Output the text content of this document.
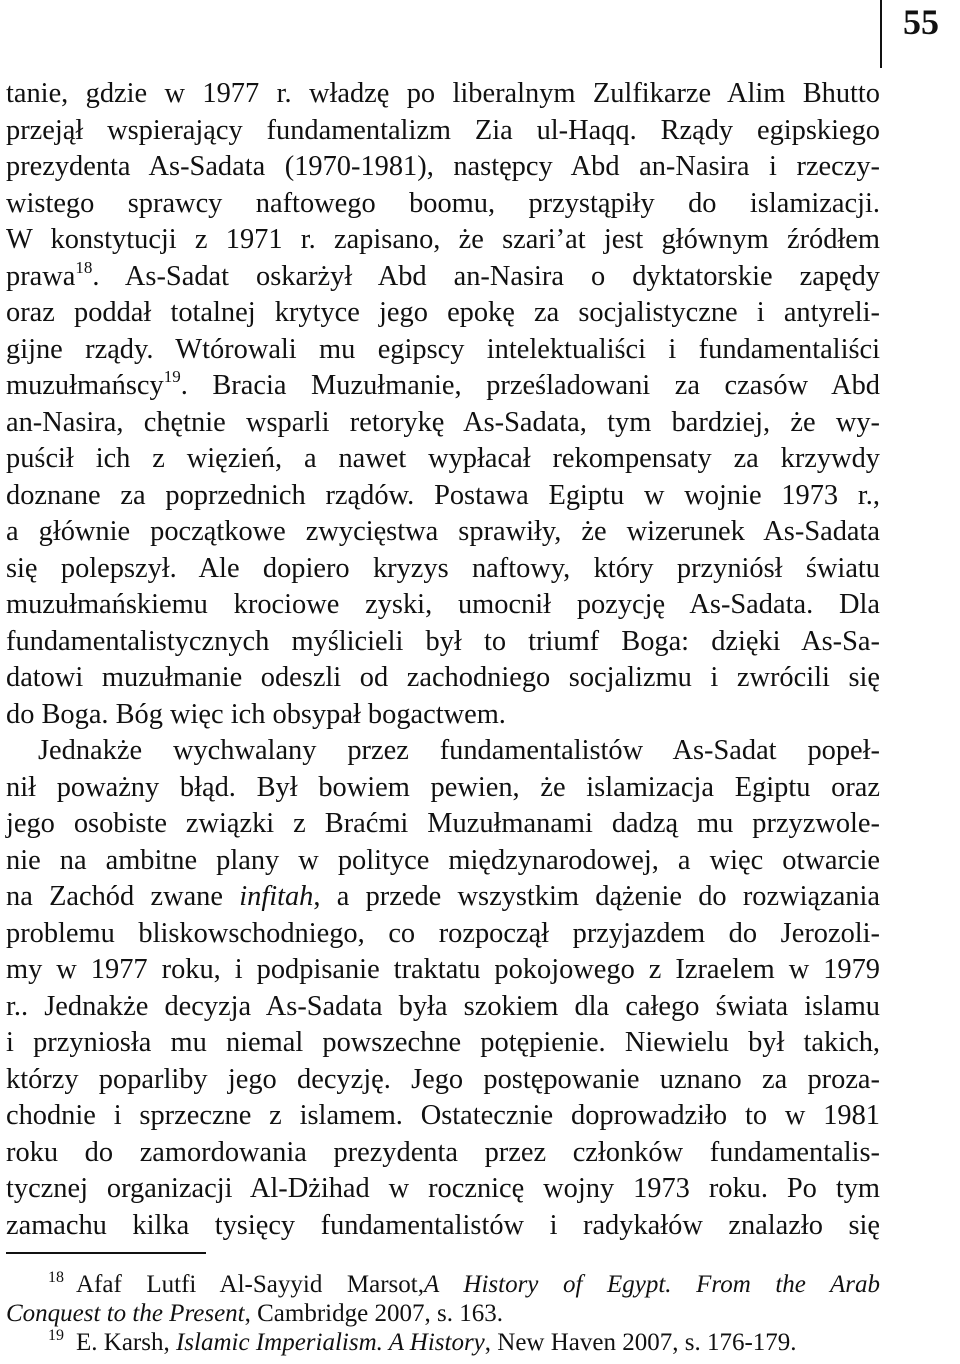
55
tanie, gdzie w 1977 r. władzę po liberalnym Zulfikarze Alim Bhutto
przejął wspierający fundamentalizm Zia ul-Haqq. Rządy egipskiego
prezydenta As-Sadata (1970-1981), następcy Abd an-Nasira i rzeczy-
wistego sprawcy naftowego boomu, przystąpiły do islamizacji.
W konstytucji z 1971 r. zapisano, że szari’at jest głównym źródłem
prawa$^{18}$. As-Sadat oskarżył Abd an-Nasira o dyktatorskie zapędy
oraz poddał totalnej krytyce jego epokę za socjalistyczne i antyreli-
gijne rządy. Wtórowali mu egipscy intelektualiści i fundamentaliści
muzułmańscy$^{19}$. Bracia Muzułmanie, prześladowani za czasów Abd
an-Nasira, chętnie wsparli retorykę As-Sadata, tym bardziej, że wy-
puścił ich z więzień, a nawet wypłacał rekompensaty za krzywdy
doznane za poprzednich rządów. Postawa Egiptu w wojnie 1973 r.,
a głównie początkowe zwycięstwa sprawiły, że wizerunek As-Sadata
się polepszył. Ale dopiero kryzys naftowy, który przyniósł światu
muzułmańskiemu krociowe zyski, umocnił pozycję As-Sadata. Dla
fundamentalistycznych myślicieli był to triumf Boga: dzięki As-Sa-
datowi muzułmanie odeszli od zachodniego socjalizmu i zwrócili się
do Boga. Bóg więc ich obsypał bogactwem.
Jednakże wychwalany przez fundamentalistów As-Sadat popeł-
nił poważny błąd. Był bowiem pewien, że islamizacja Egiptu oraz
jego osobiste związki z Braćmi Muzułmanami dadzą mu przyzwole-
nie na ambitne plany w polityce międzynarodowej, a więc otwarcie
na Zachód zwane infitah, a przede wszystkim dążenie do rozwiązania
problemu bliskowschodniego, co rozpoczął przyjazdem do Jerozoli-
my w 1977 roku, i podpisanie traktatu pokojowego z Izraelem w 1979
r.. Jednakże decyzja As-Sadata była szokiem dla całego świata islamu
i przyniosła mu niemal powszechne potępienie. Niewielu był takich,
którzy poparliby jego decyzję. Jego postępowanie uznano za proza-
chodnie i sprzeczne z islamem. Ostatecznie doprowadziło to w 1981
roku do zamordowania prezydenta przez członków fundamentalis-
tycznej organizacji Al-Dżihad w rocznicę wojny 1973 roku. Po tym
zamachu kilka tysięcy fundamentalistów i radykałów znalazło się
$^{18}$ Afaf Lutfi Al-Sayyid Marsot,A History of Egypt. From the Arab
Conquest to the Present, Cambridge 2007, s. 163.
$^{19}$ E. Karsh, Islamic Imperialism. A History, New Haven 2007, s. 176-179.
